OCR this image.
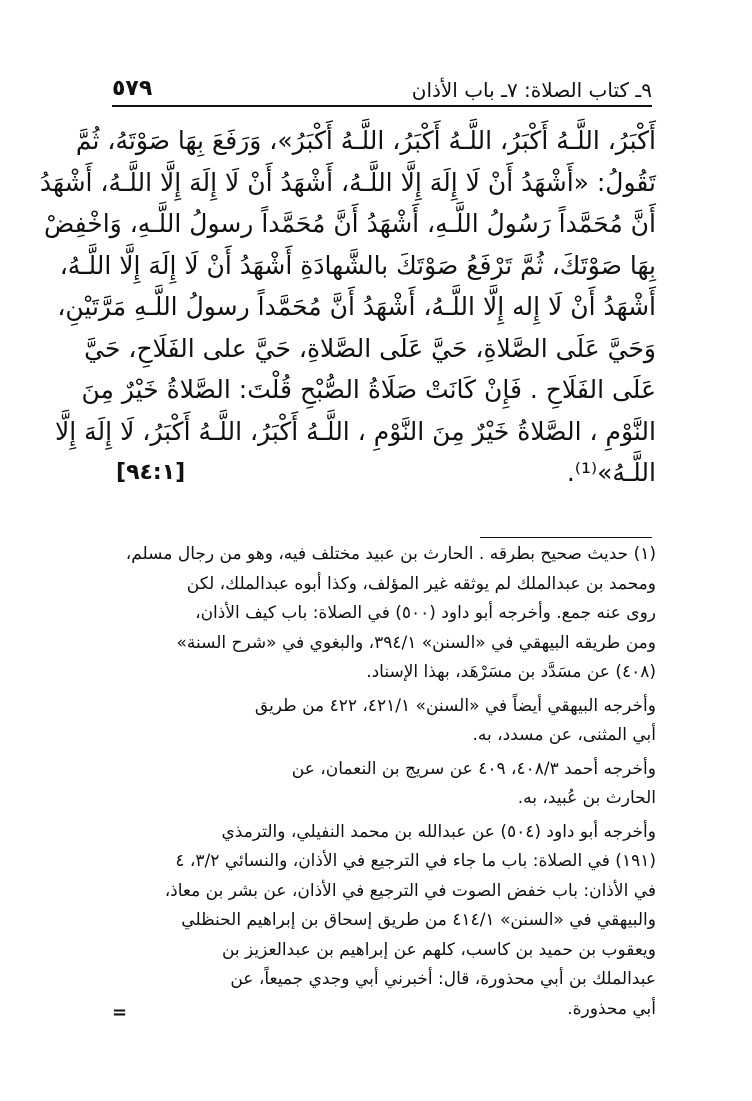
٩ـ كتاب الصلاة: ٧ـ باب الأذان
٥٧٩
أَكْبَرُ، اللَّـهُ أَكْبَرُ، اللَّـهُ أَكْبَرُ، اللَّـهُ أَكْبَرُ»، وَرَفَعَ بِهَا صَوْتَهُ، ثُمَّ
تَقُولُ: «أَشْهَدُ أَنْ لَا إِلَهَ إِلَّا اللَّـهُ، أَشْهَدُ أَنْ لَا إِلَهَ إِلَّا اللَّـهُ، أَشْهَدُ
أَنَّ مُحَمَّداً رَسُولُ اللَّـهِ، أَشْهَدُ أَنَّ مُحَمَّداً رسولُ اللَّـهِ، وَاخْفِضْ
بِهَا صَوْتَكَ، ثُمَّ تَرْفَعُ صَوْتَكَ بالشَّهادَةِ أَشْهَدُ أَنْ لَا إِلَهَ إِلَّا اللَّـهُ،
أَشْهَدُ أَنْ لَا إِله إِلَّا اللَّـهُ، أَشْهَدُ أَنَّ مُحَمَّداً رسولُ اللَّـهِ مَرَّتَيْنِ،
وَحَيَّ عَلَى الصَّلاةِ، حَيَّ عَلَى الصَّلاةِ، حَيَّ على الفَلَاحِ، حَيَّ
عَلَى الفَلَاحِ . فَإِنْ كَانَتْ صَلَاةُ الصُّبْحِ قُلْتَ: الصَّلاةُ خَيْرٌ مِنَ
النَّوْمِ ، الصَّلاةُ خَيْرٌ مِنَ النَّوْمِ ، اللَّـهُ أَكْبَرُ، اللَّـهُ أَكْبَرُ، لَا إِلَهَ إِلَّا
اللَّـهُ»⁽¹⁾.
[٩٤:١]
(١) حديث صحيح بطرقه . الحارث بن عبيد مختلف فيه، وهو من رجال مسلم،
ومحمد بن عبدالملك لم يوثقه غير المؤلف، وكذا أبوه عبدالملك، لكن
روى عنه جمع. وأخرجه أبو داود (٥٠٠) في الصلاة: باب كيف الأذان،
ومن طريقه البيهقي في «السنن» ٣٩٤/١، والبغوي في «شرح السنة»
(٤٠٨) عن مسَدَّد بن مسَرْهَد، بهذا الإسناد.
وأخرجه البيهقي أيضاً في «السنن» ٤٢١/١، ٤٢٢ من طريق
أبي المثنى، عن مسدد، به.
وأخرجه أحمد ٤٠٨/٣، ٤٠٩ عن سريج بن النعمان، عن
الحارث بن عُبيد، به.
وأخرجه أبو داود (٥٠٤) عن عبدالله بن محمد النفيلي، والترمذي
(١٩١) في الصلاة: باب ما جاء في الترجيع في الأذان، والنسائي ٣/٢، ٤
في الأذان: باب خفض الصوت في الترجيع في الأذان، عن بشر بن معاذ،
والبيهقي في «السنن» ٤١٤/١ من طريق إسحاق بن إبراهيم الحنظلي
ويعقوب بن حميد بن كاسب، كلهم عن إبراهيم بن عبدالعزيز بن
عبدالملك بن أبي محذورة، قال: أخبرني أبي وجدي جميعاً، عن
أبي محذورة.
=
